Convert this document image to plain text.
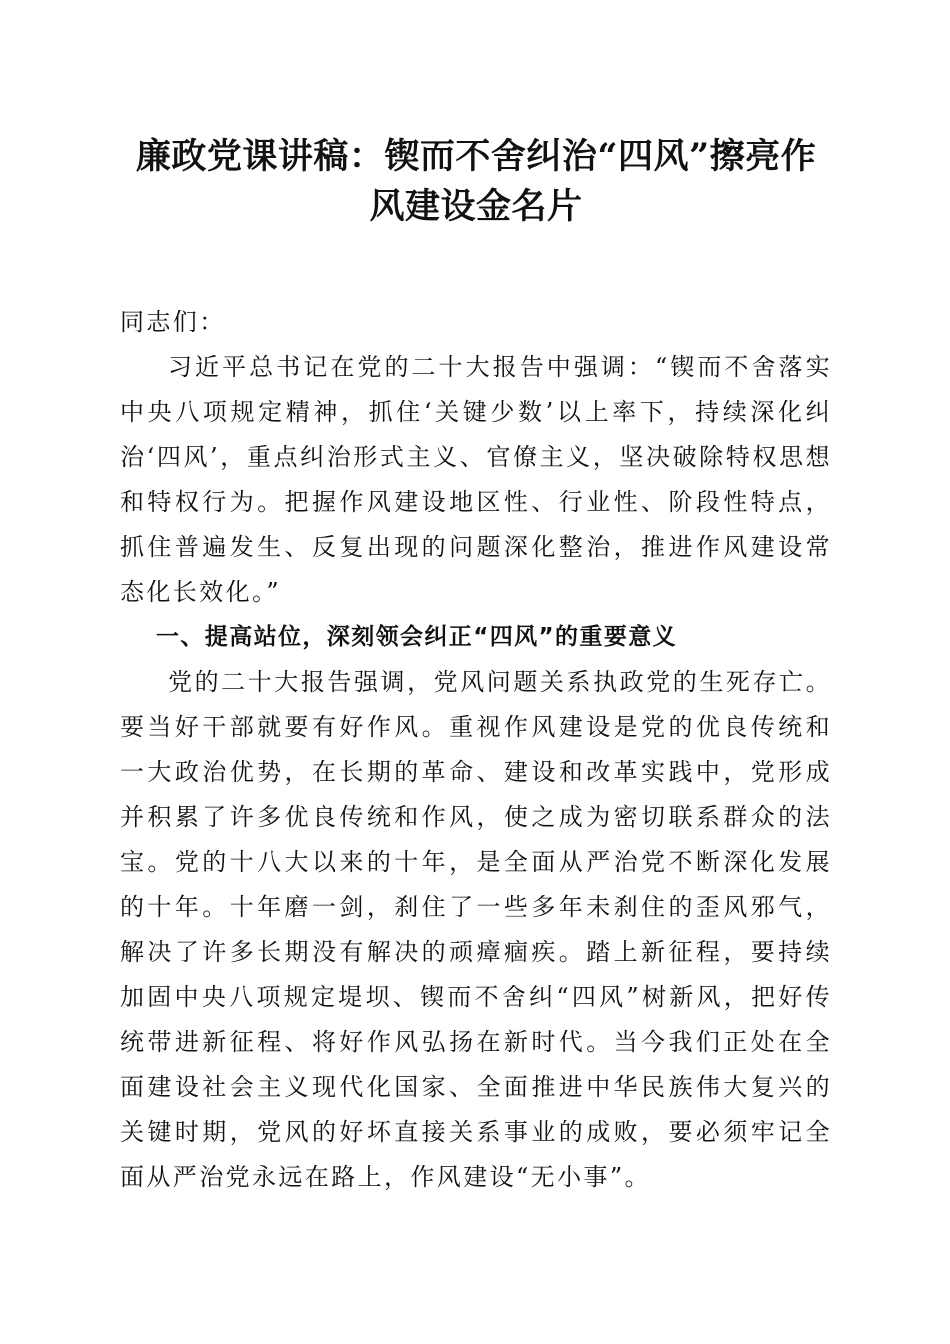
廉政党课讲稿：锲而不舍纠治“四风”擦亮作风建设金名片

同志们：

习近平总书记在党的二十大报告中强调：“锲而不舍落实中央八项规定精神，抓住‘关键少数’以上率下，持续深化纠治‘四风’，重点纠治形式主义、官僚主义，坚决破除特权思想和特权行为。把握作风建设地区性、行业性、阶段性特点，抓住普遍发生、反复出现的问题深化整治，推进作风建设常态化长效化。”

一、提高站位，深刻领会纠正“四风”的重要意义

党的二十大报告强调，党风问题关系执政党的生死存亡。要当好干部就要有好作风。重视作风建设是党的优良传统和一大政治优势，在长期的革命、建设和改革实践中，党形成并积累了许多优良传统和作风，使之成为密切联系群众的法宝。党的十八大以来的十年，是全面从严治党不断深化发展的十年。十年磨一剑，刹住了一些多年未刹住的歪风邪气，解决了许多长期没有解决的顽瘴痼疾。踏上新征程，要持续加固中央八项规定堤坝、锲而不舍纠“四风”树新风，把好传统带进新征程、将好作风弘扬在新时代。当今我们正处在全面建设社会主义现代化国家、全面推进中华民族伟大复兴的关键时期，党风的好坏直接关系事业的成败，要必须牢记全面从严治党永远在路上，作风建设“无小事”。
